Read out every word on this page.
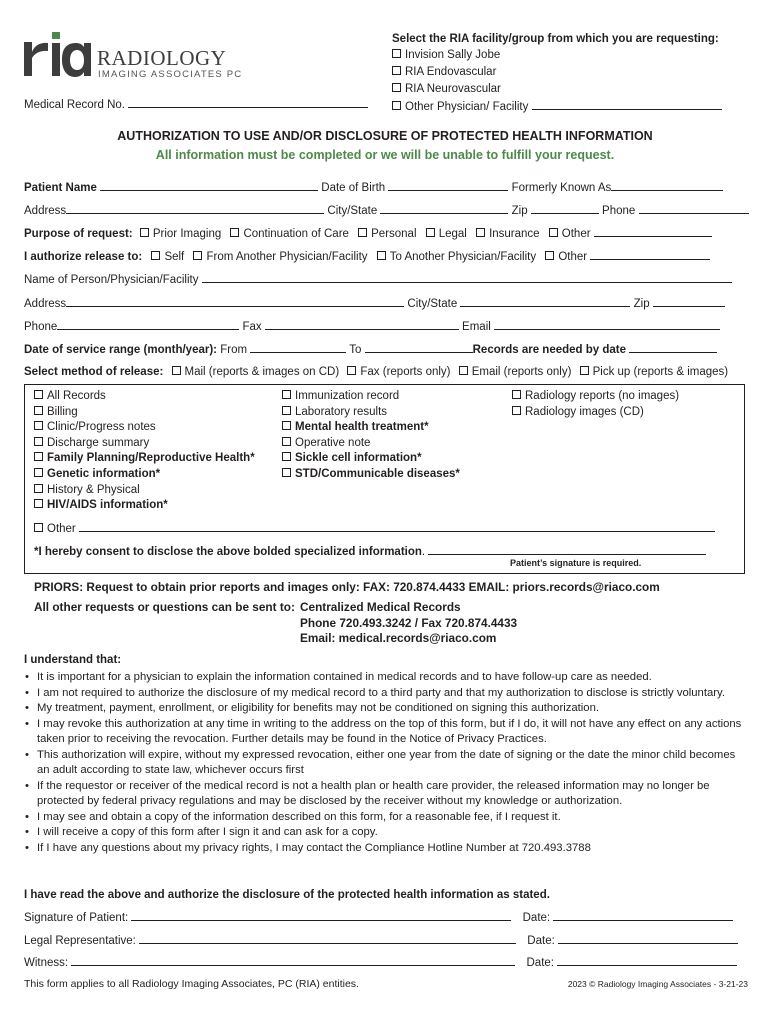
RADIOLOGY
IMAGING ASSOCIATES PC
Medical Record No.
Select the RIA facility/group from which you are requesting:
Invision Sally Jobe
RIA Endovascular
RIA Neurovascular
Other Physician/ Facility
AUTHORIZATION TO USE AND/OR DISCLOSURE OF PROTECTED HEALTH INFORMATION
All information must be completed or we will be unable to fulfill your request.
Patient Name	Date of Birth	Formerly Known As
Address	City/State	Zip	Phone
Purpose of request: Prior Imaging Continuation of Care Personal Legal Insurance Other
I authorize release to: Self From Another Physician/Facility To Another Physician/Facility Other
Name of Person/Physician/Facility
Address	City/State	Zip
Phone	Fax	Email
Date of service range (month/year): From	To	Records are needed by date
Select method of release: Mail (reports & images on CD) Fax (reports only) Email (reports only) Pick up (reports & images)
All Records
Billing
Clinic/Progress notes
Discharge summary
Family Planning/Reproductive Health*
Genetic information*
History & Physical
HIV/AIDS information*
Immunization record
Laboratory results
Mental health treatment*
Operative note
Sickle cell information*
STD/Communicable diseases*
Radiology reports (no images)
Radiology images (CD)
Other
*I hereby consent to disclose the above bolded specialized information.
Patient’s signature is required.
PRIORS: Request to obtain prior reports and images only: FAX: 720.874.4433 EMAIL: priors.records@riaco.com
All other requests or questions can be sent to: Centralized Medical Records
Phone 720.493.3242 / Fax 720.874.4433
Email: medical.records@riaco.com
I understand that:
• It is important for a physician to explain the information contained in medical records and to have follow-up care as needed.
• I am not required to authorize the disclosure of my medical record to a third party and that my authorization to disclose is strictly voluntary.
• My treatment, payment, enrollment, or eligibility for benefits may not be conditioned on signing this authorization.
• I may revoke this authorization at any time in writing to the address on the top of this form, but if I do, it will not have any effect on any actions taken prior to receiving the revocation. Further details may be found in the Notice of Privacy Practices.
• This authorization will expire, without my expressed revocation, either one year from the date of signing or the date the minor child becomes an adult according to state law, whichever occurs first
• If the requestor or receiver of the medical record is not a health plan or health care provider, the released information may no longer be protected by federal privacy regulations and may be disclosed by the receiver without my knowledge or authorization.
• I may see and obtain a copy of the information described on this form, for a reasonable fee, if I request it.
• I will receive a copy of this form after I sign it and can ask for a copy.
• If I have any questions about my privacy rights, I may contact the Compliance Hotline Number at 720.493.3788
I have read the above and authorize the disclosure of the protected health information as stated.
Signature of Patient:	Date:
Legal Representative:	Date:
Witness:	Date:
This form applies to all Radiology Imaging Associates, PC (RIA) entities.	2023 © Radiology Imaging Associates - 3-21-23
